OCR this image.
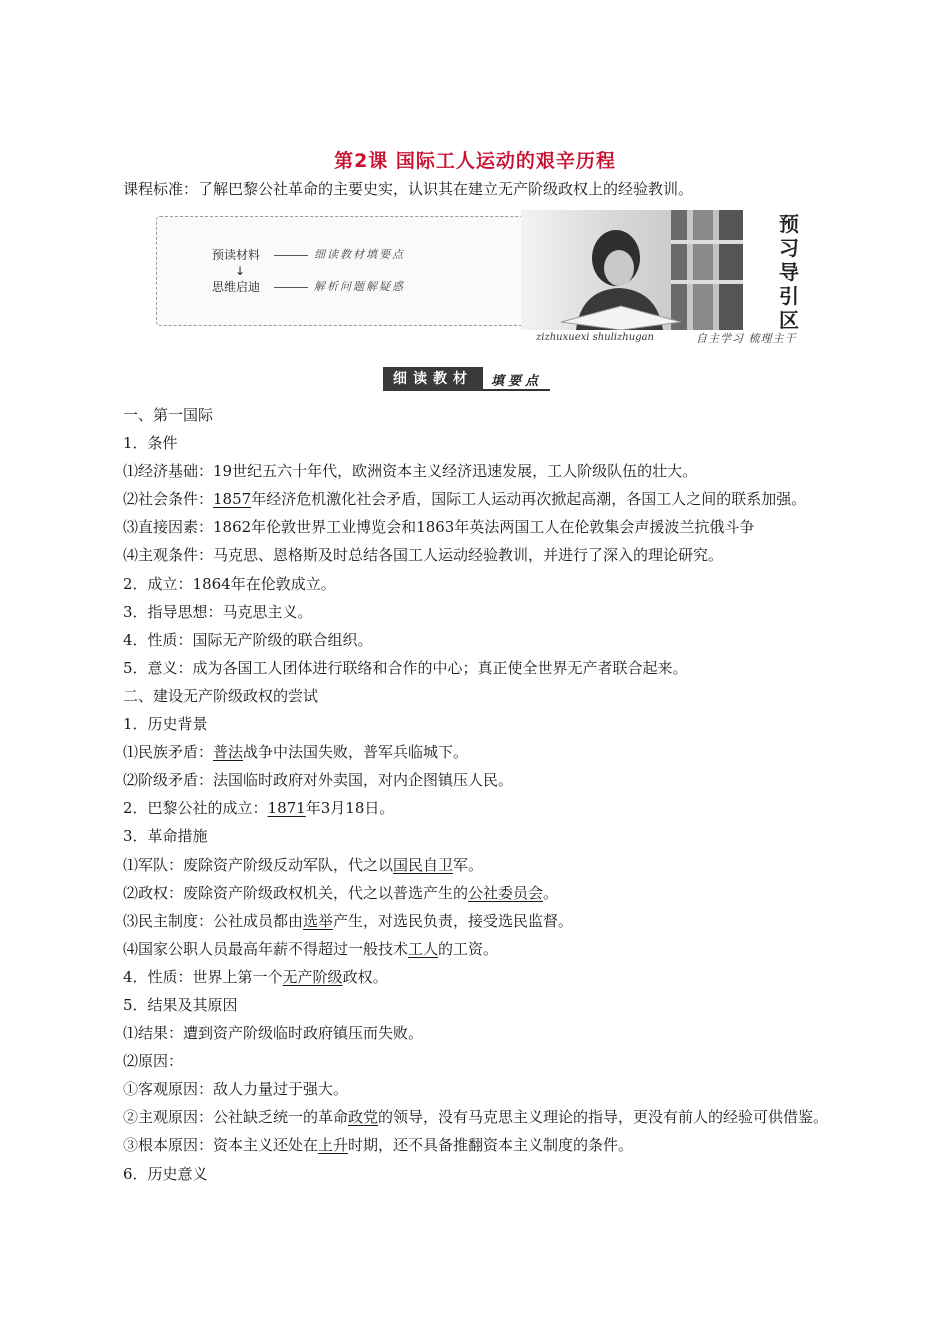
第2课 国际工人运动的艰辛历程
课程标准：了解巴黎公社革命的主要史实，认识其在建立无产阶级政权上的经验教训。
预读材料	细读教材填要点
↓
思维启迪	解析问题解疑惑
预
习
导
引
区
zizhuxuexi shulizhugan	自主学习 梳理主干
细读教材	填要点

一、第一国际

1．条件

⑴经济基础：19世纪五六十年代，欧洲资本主义经济迅速发展，工人阶级队伍的壮大。

⑵社会条件：1857年经济危机激化社会矛盾，国际工人运动再次掀起高潮，各国工人之间的联系加强。

⑶直接因素：1862年伦敦世界工业博览会和1863年英法两国工人在伦敦集会声援波兰抗俄斗争

⑷主观条件：马克思、恩格斯及时总结各国工人运动经验教训，并进行了深入的理论研究。

2．成立：1864年在伦敦成立。

3．指导思想：马克思主义。

4．性质：国际无产阶级的联合组织。

5．意义：成为各国工人团体进行联络和合作的中心；真正使全世界无产者联合起来。

二、建设无产阶级政权的尝试

1．历史背景

⑴民族矛盾：普法战争中法国失败，普军兵临城下。

⑵阶级矛盾：法国临时政府对外卖国，对内企图镇压人民。

2．巴黎公社的成立：1871年3月18日。

3．革命措施

⑴军队：废除资产阶级反动军队，代之以国民自卫军。

⑵政权：废除资产阶级政权机关，代之以普选产生的公社委员会。

⑶民主制度：公社成员都由选举产生，对选民负责，接受选民监督。

⑷国家公职人员最高年薪不得超过一般技术工人的工资。

4．性质：世界上第一个无产阶级政权。

5．结果及其原因

⑴结果：遭到资产阶级临时政府镇压而失败。

⑵原因：

①客观原因：敌人力量过于强大。

②主观原因：公社缺乏统一的革命政党的领导，没有马克思主义理论的指导，更没有前人的经验可供借鉴。

③根本原因：资本主义还处在上升时期，还不具备推翻资本主义制度的条件。

6．历史意义
